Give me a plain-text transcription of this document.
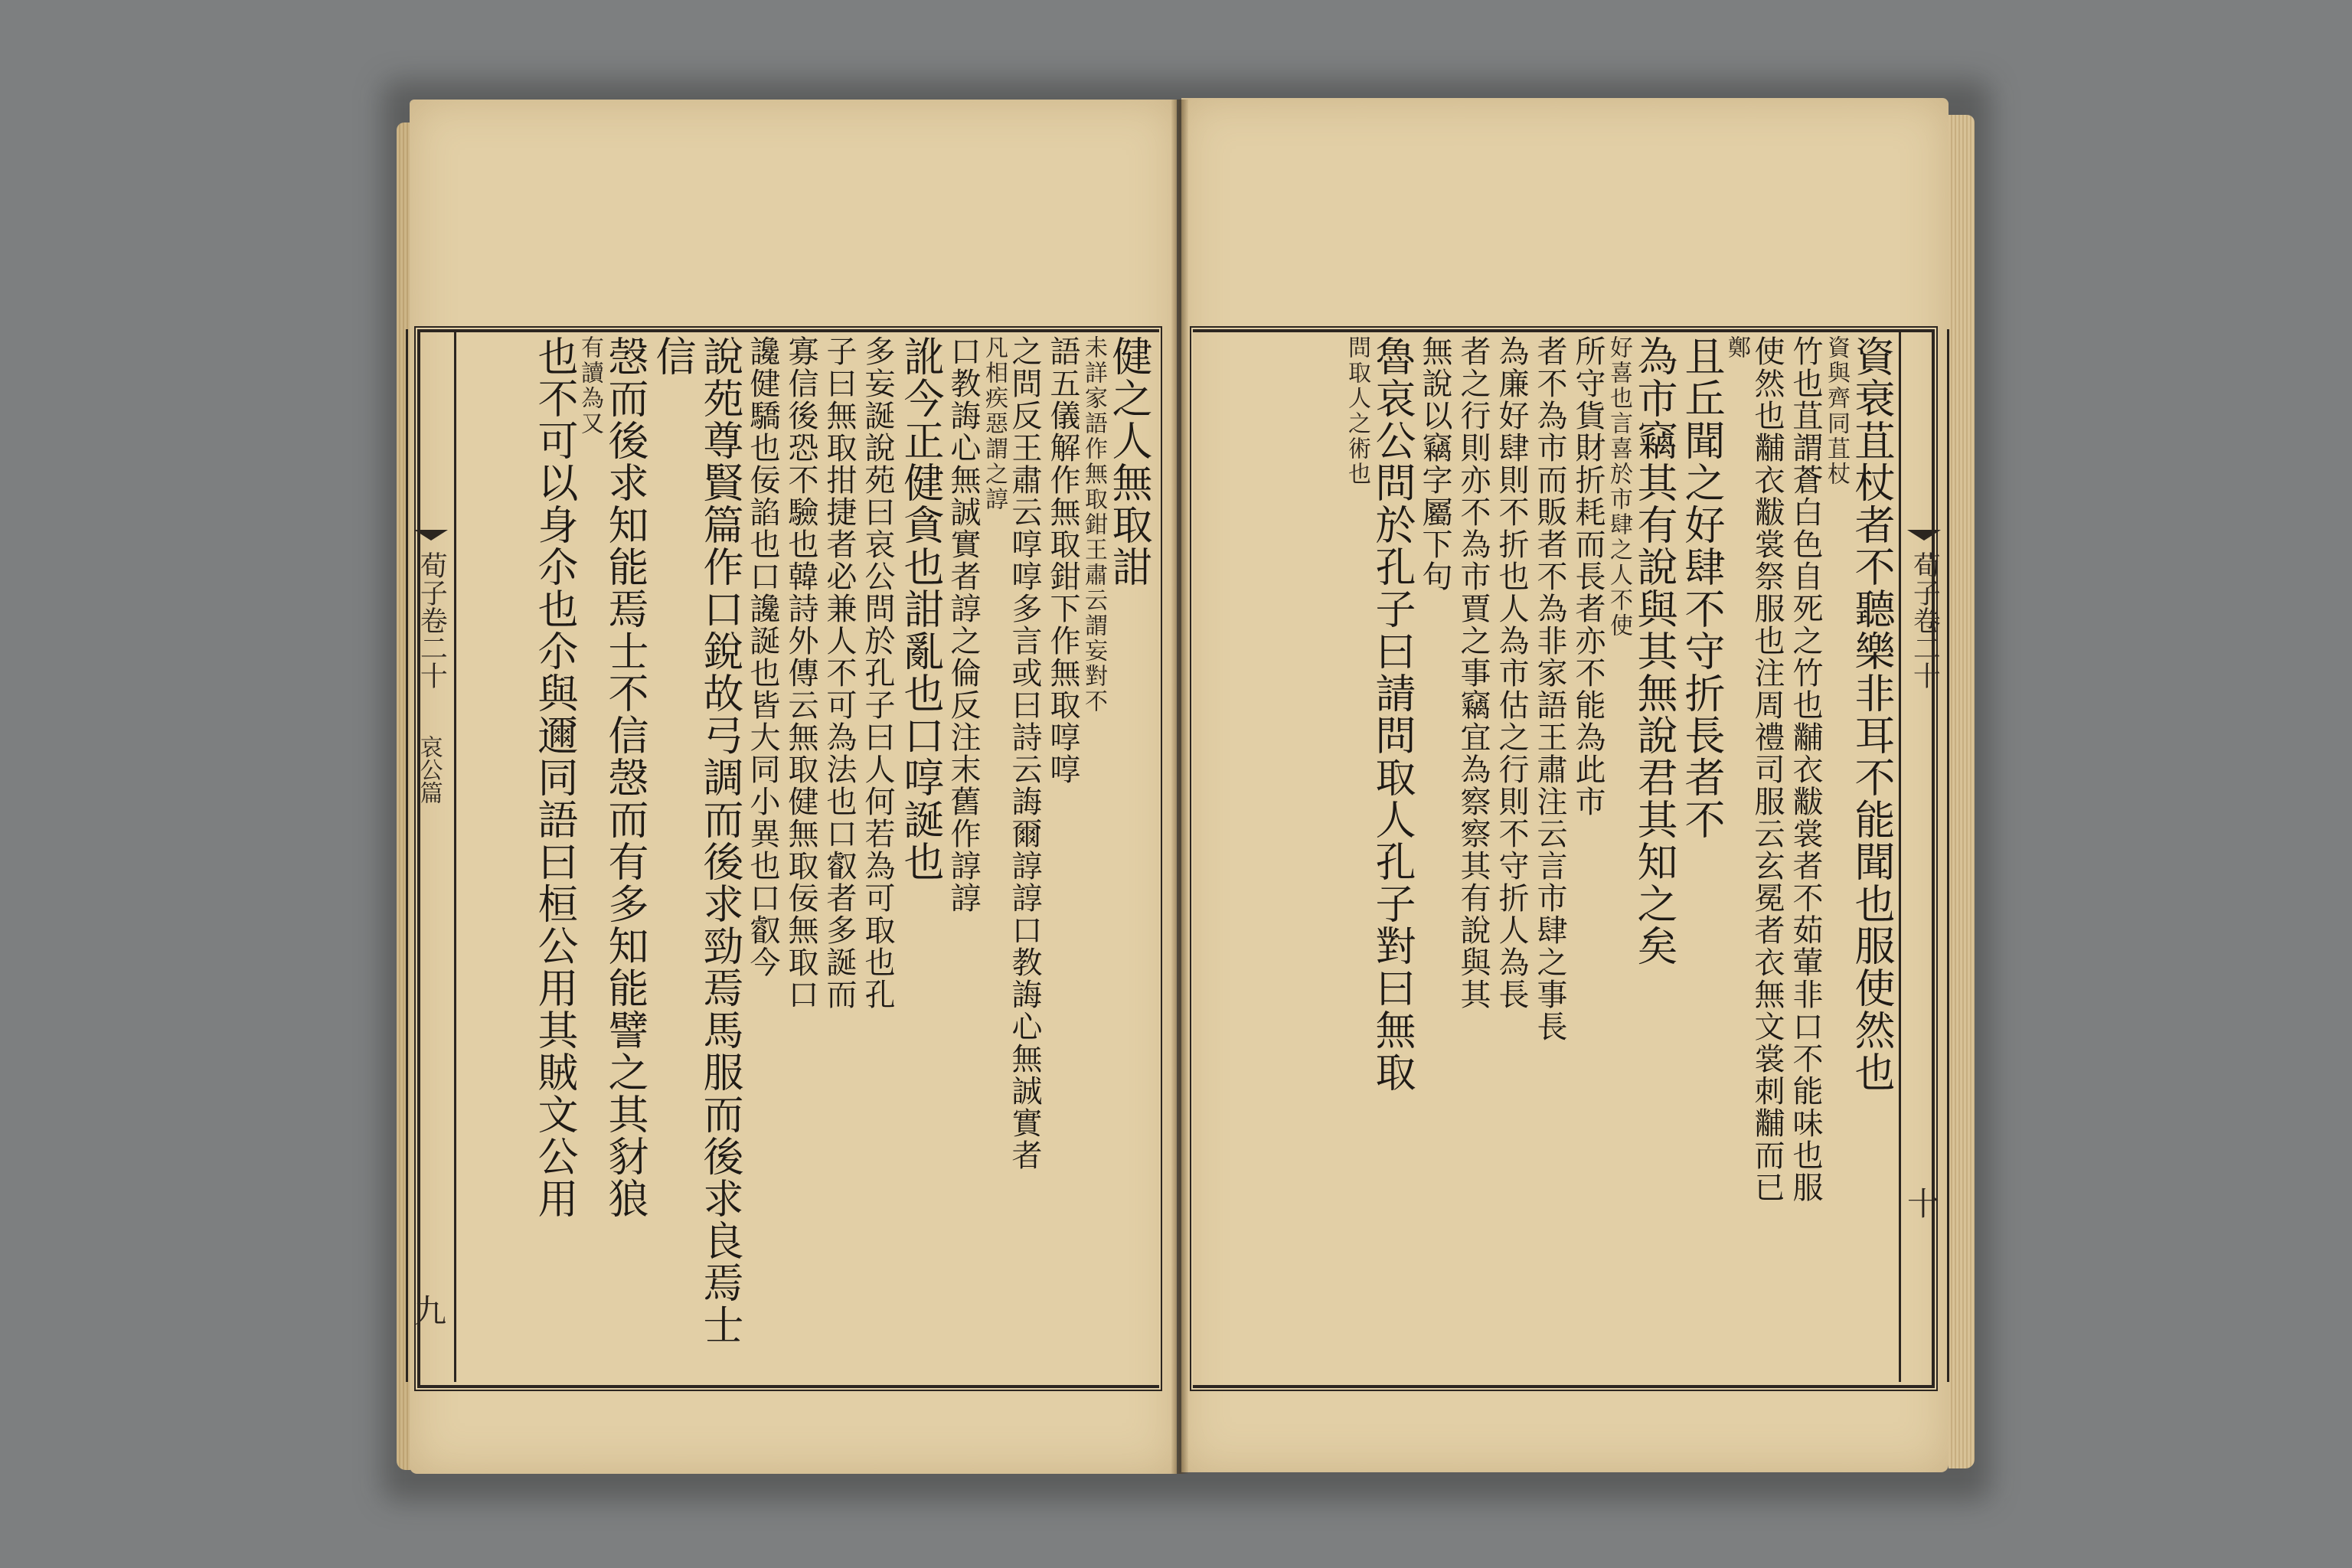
荀子卷二十
哀公篇
九
荀子卷二十
十
資衰苴杖者不聽樂非耳不能聞也服使然也
資與齊同苴杖
竹也苴謂蒼白色自死之竹也黼衣黻裳者不茹葷非口不能味也服
使然也黼衣黻裳祭服也注周禮司服云玄冕者衣無文裳刺黼而已
鄭
且丘聞之好肆不守折長者不
為市竊其有說與其無說君其知之矣
好喜也言喜於市肆之人不使
所守貨財折耗而長者亦不能為此市
者不為市而販者不為非家語王肅注云言市肆之事長
為廉好肆則不折也人為市估之行則不守折人為長
者之行則亦不為市賈之事竊宜為察察其有說與其
無說以竊字屬下句
魯哀公問於孔子曰請問取人孔子對曰無取
問取人之術也
健之人無取詌
未詳家語作無取鉗王肅云謂妄對不
語五儀解作無取鉗下作無取啍啍
之問反王肅云啍啍多言或曰詩云誨爾諄諄口教誨心無誠實者
凡相疾惡謂之諄
口教誨心無誠實者諄之倫反注末舊作諄諄
訛今正健貪也詌亂也口啍誕也
多妄誕說苑曰哀公問於孔子曰人何若為可取也孔
子曰無取拑捷者必兼人不可為法也口叡者多誕而
寡信後恐不驗也韓詩外傳云無取健無取佞無取口
讒健驕也佞諂也口讒誕也皆大同小異也口叡今
說苑尊賢篇作口銳故弓調而後求勁焉馬服而後求良焉士信
愨而後求知能焉士不信愨而有多知能譬之其豺狼
有讀為又
也不可以身尒也尒與邇同語曰桓公用其賊文公用
